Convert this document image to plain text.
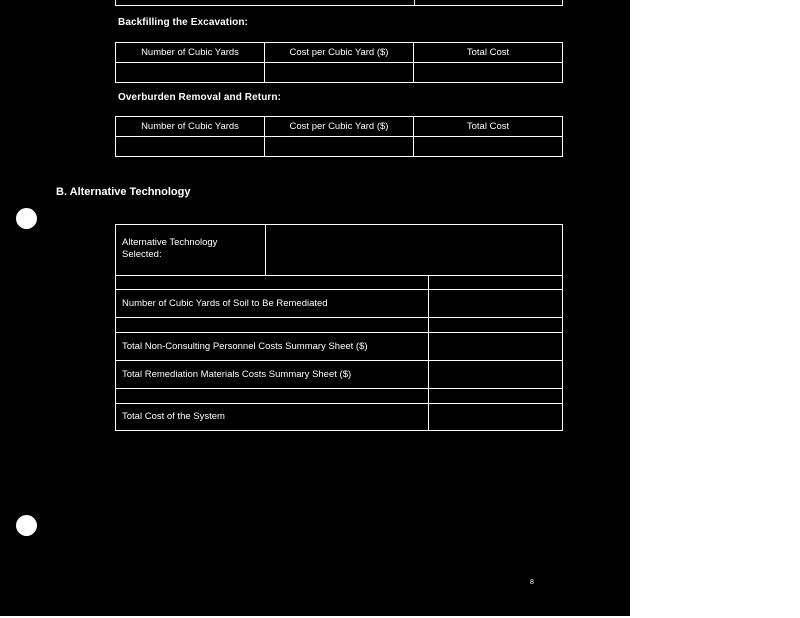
Backfilling the Excavation:
Number of Cubic Yards	Cost per Cubic Yard ($)	Total Cost

Overburden Removal and Return:
Number of Cubic Yards	Cost per Cubic Yard ($)	Total Cost

B. Alternative Technology
Alternative Technology Selected:
Number of Cubic Yards of Soil to Be Remediated
Total Non-Consulting Personnel Costs Summary Sheet ($)
Total Remediation Materials Costs Summary Sheet ($)
Total Cost of the System
8
